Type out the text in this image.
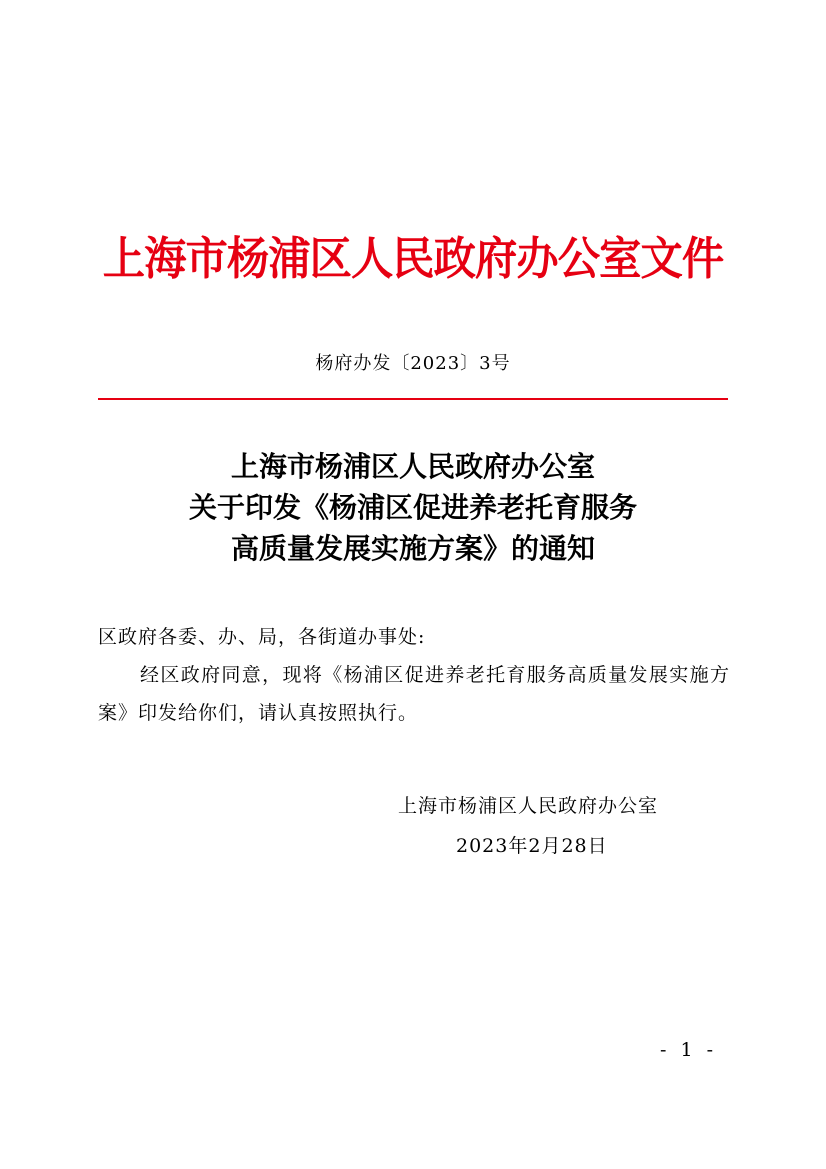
上海市杨浦区人民政府办公室文件
杨府办发〔2023〕3号
上海市杨浦区人民政府办公室
关于印发《杨浦区促进养老托育服务
高质量发展实施方案》的通知
区政府各委、办、局，各街道办事处:
经区政府同意，现将《杨浦区促进养老托育服务高质量发展实施方案》印发给你们，请认真按照执行。
上海市杨浦区人民政府办公室
2023年2月28日
- 1 -
